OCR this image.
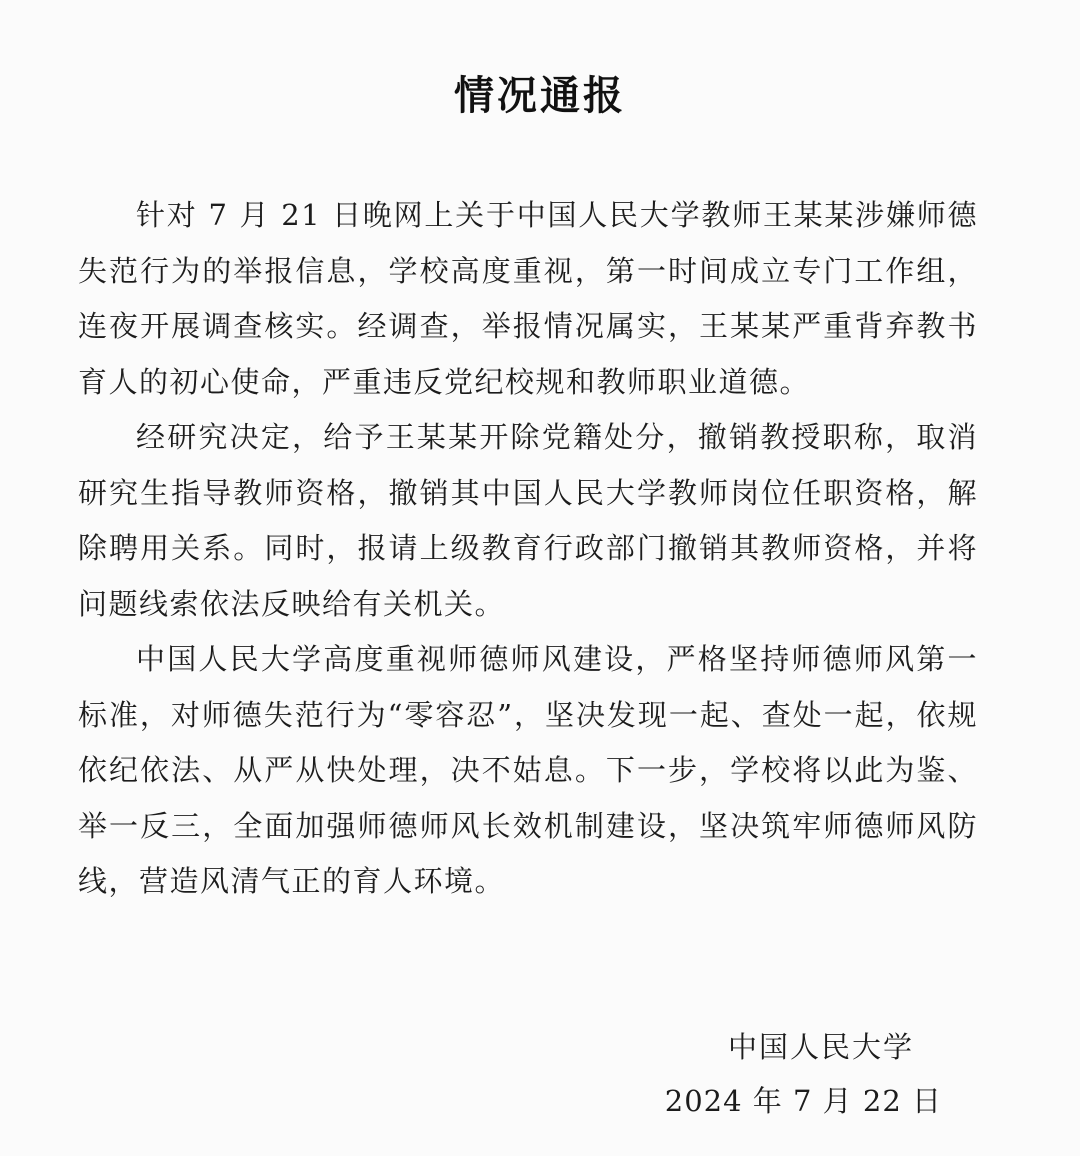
情况通报

针对 7 月 21 日晚网上关于中国人民大学教师王某某涉嫌师德失范行为的举报信息，学校高度重视，第一时间成立专门工作组，连夜开展调查核实。经调查，举报情况属实，王某某严重背弃教书育人的初心使命，严重违反党纪校规和教师职业道德。

经研究决定，给予王某某开除党籍处分，撤销教授职称，取消研究生指导教师资格，撤销其中国人民大学教师岗位任职资格，解除聘用关系。同时，报请上级教育行政部门撤销其教师资格，并将问题线索依法反映给有关机关。

中国人民大学高度重视师德师风建设，严格坚持师德师风第一标准，对师德失范行为“零容忍”，坚决发现一起、查处一起，依规依纪依法、从严从快处理，决不姑息。下一步，学校将以此为鉴、举一反三，全面加强师德师风长效机制建设，坚决筑牢师德师风防线，营造风清气正的育人环境。

中国人民大学
2024 年 7 月 22 日
